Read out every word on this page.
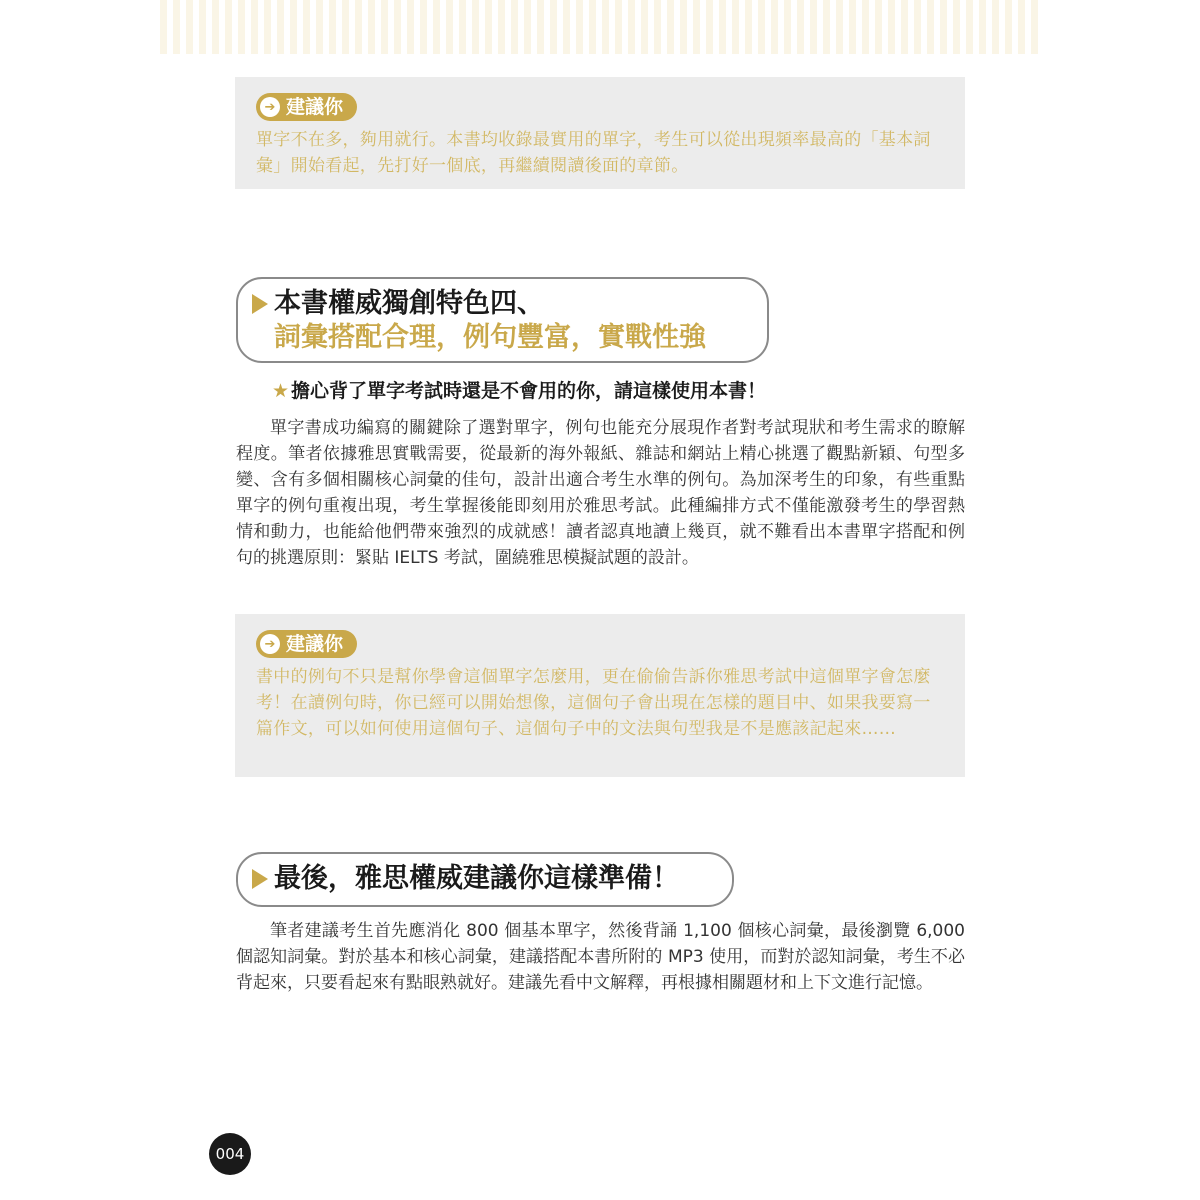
➔ 建議你
單字不在多，夠用就行。本書均收錄最實用的單字，考生可以從出現頻率最高的「基本詞彙」開始看起，先打好一個底，再繼續閱讀後面的章節。
本書權威獨創特色四、
詞彙搭配合理，例句豐富，實戰性強
★ 擔心背了單字考試時還是不會用的你，請這樣使用本書！

單字書成功編寫的關鍵除了選對單字，例句也能充分展現作者對考試現狀和考生需求的瞭解程度。筆者依據雅思實戰需要，從最新的海外報紙、雜誌和網站上精心挑選了觀點新穎、句型多變、含有多個相關核心詞彙的佳句，設計出適合考生水準的例句。為加深考生的印象，有些重點單字的例句重複出現，考生掌握後能即刻用於雅思考試。此種編排方式不僅能激發考生的學習熱情和動力，也能給他們帶來強烈的成就感！讀者認真地讀上幾頁，就不難看出本書單字搭配和例句的挑選原則：緊貼 IELTS 考試，圍繞雅思模擬試題的設計。

➔ 建議你
書中的例句不只是幫你學會這個單字怎麼用，更在偷偷告訴你雅思考試中這個單字會怎麼考！在讀例句時，你已經可以開始想像，這個句子會出現在怎樣的題目中、如果我要寫一篇作文，可以如何使用這個句子、這個句子中的文法與句型我是不是應該記起來……
最後，雅思權威建議你這樣準備！

筆者建議考生首先應消化 800 個基本單字，然後背誦 1,100 個核心詞彙，最後瀏覽 6,000 個認知詞彙。對於基本和核心詞彙，建議搭配本書所附的 MP3 使用，而對於認知詞彙，考生不必背起來，只要看起來有點眼熟就好。建議先看中文解釋，再根據相關題材和上下文進行記憶。

004
